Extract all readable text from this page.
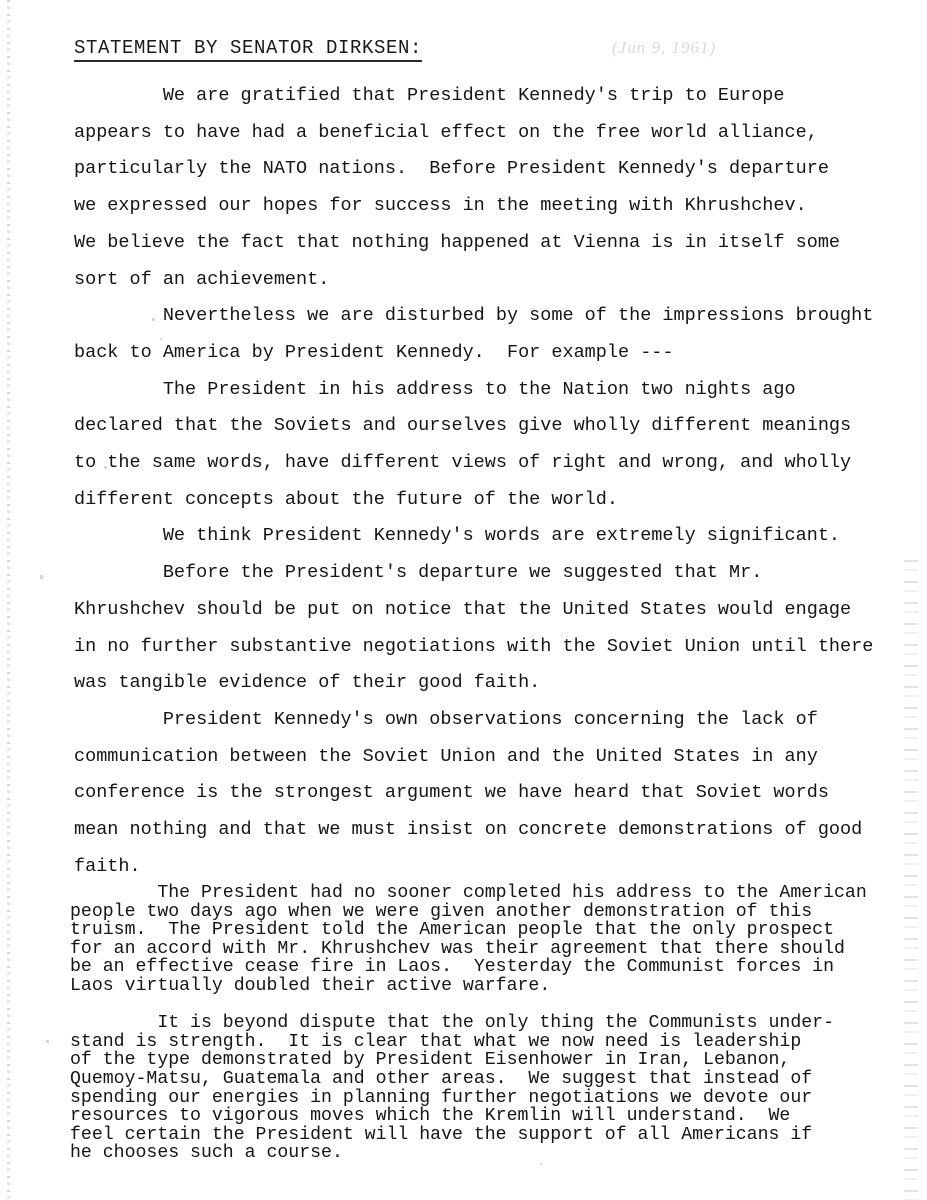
STATEMENT BY SENATOR DIRKSEN:	(Jun 9, 1961)
We are gratified that President Kennedy's trip to Europe
appears to have had a beneficial effect on the free world alliance,
particularly the NATO nations.  Before President Kennedy's departure
we expressed our hopes for success in the meeting with Khrushchev.
We believe the fact that nothing happened at Vienna is in itself some
sort of an achievement.
Nevertheless we are disturbed by some of the impressions brought
back to America by President Kennedy.  For example ---
The President in his address to the Nation two nights ago
declared that the Soviets and ourselves give wholly different meanings
to the same words, have different views of right and wrong, and wholly
different concepts about the future of the world.
We think President Kennedy's words are extremely significant.
Before the President's departure we suggested that Mr.
Khrushchev should be put on notice that the United States would engage
in no further substantive negotiations with the Soviet Union until there
was tangible evidence of their good faith.
President Kennedy's own observations concerning the lack of
communication between the Soviet Union and the United States in any
conference is the strongest argument we have heard that Soviet words
mean nothing and that we must insist on concrete demonstrations of good
faith.
The President had no sooner completed his address to the American
people two days ago when we were given another demonstration of this
truism.  The President told the American people that the only prospect
for an accord with Mr. Khrushchev was their agreement that there should
be an effective cease fire in Laos.  Yesterday the Communist forces in
Laos virtually doubled their active warfare.
It is beyond dispute that the only thing the Communists under-
stand is strength.  It is clear that what we now need is leadership
of the type demonstrated by President Eisenhower in Iran, Lebanon,
Quemoy-Matsu, Guatemala and other areas.  We suggest that instead of
spending our energies in planning further negotiations we devote our
resources to vigorous moves which the Kremlin will understand.  We
feel certain the President will have the support of all Americans if
he chooses such a course.
